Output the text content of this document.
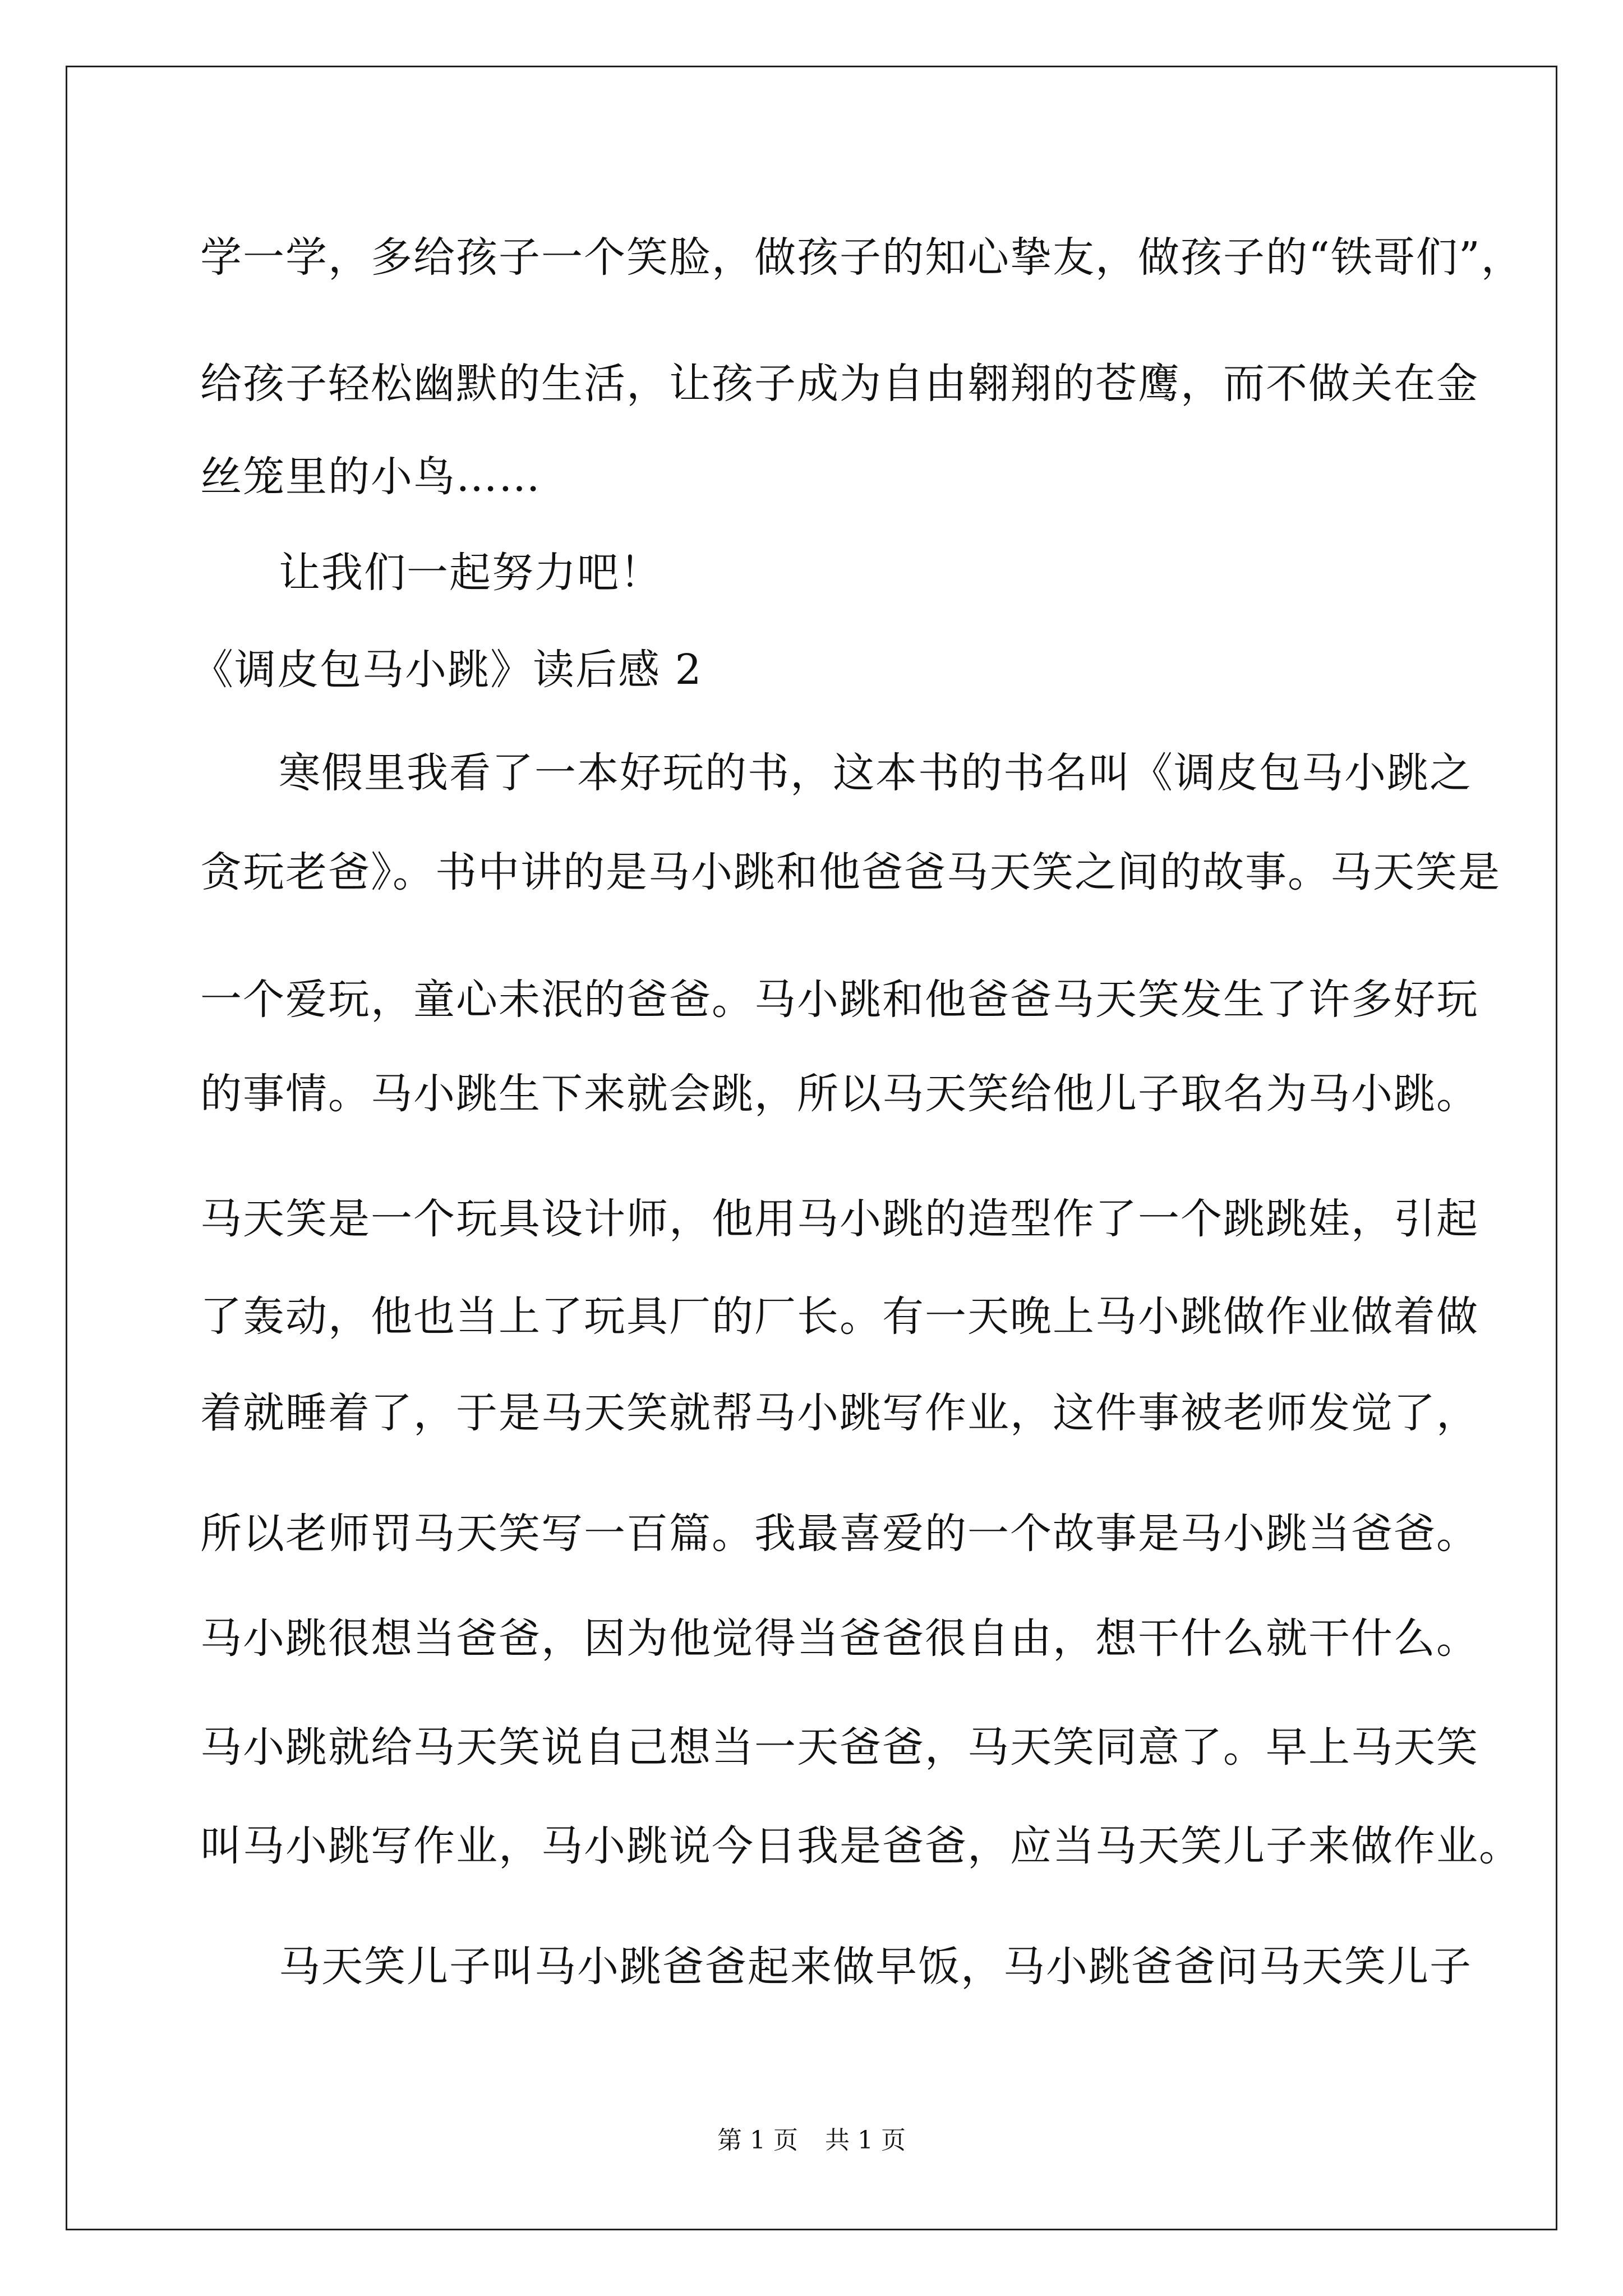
学一学，多给孩子一个笑脸，做孩子的知心挚友，做孩子的“铁哥们”，
给孩子轻松幽默的生活，让孩子成为自由翱翔的苍鹰，而不做关在金
丝笼里的小鸟……
让我们一起努力吧！
《调皮包马小跳》读后感 2
寒假里我看了一本好玩的书，这本书的书名叫《调皮包马小跳之
贪玩老爸》。书中讲的是马小跳和他爸爸马天笑之间的故事。马天笑是
一个爱玩，童心未泯的爸爸。马小跳和他爸爸马天笑发生了许多好玩
的事情。马小跳生下来就会跳，所以马天笑给他儿子取名为马小跳。
马天笑是一个玩具设计师，他用马小跳的造型作了一个跳跳娃，引起
了轰动，他也当上了玩具厂的厂长。有一天晚上马小跳做作业做着做
着就睡着了，于是马天笑就帮马小跳写作业，这件事被老师发觉了，
所以老师罚马天笑写一百篇。我最喜爱的一个故事是马小跳当爸爸。
马小跳很想当爸爸，因为他觉得当爸爸很自由，想干什么就干什么。
马小跳就给马天笑说自己想当一天爸爸，马天笑同意了。早上马天笑
叫马小跳写作业，马小跳说今日我是爸爸，应当马天笑儿子来做作业。
马天笑儿子叫马小跳爸爸起来做早饭，马小跳爸爸问马天笑儿子
第 1 页 共 1 页
